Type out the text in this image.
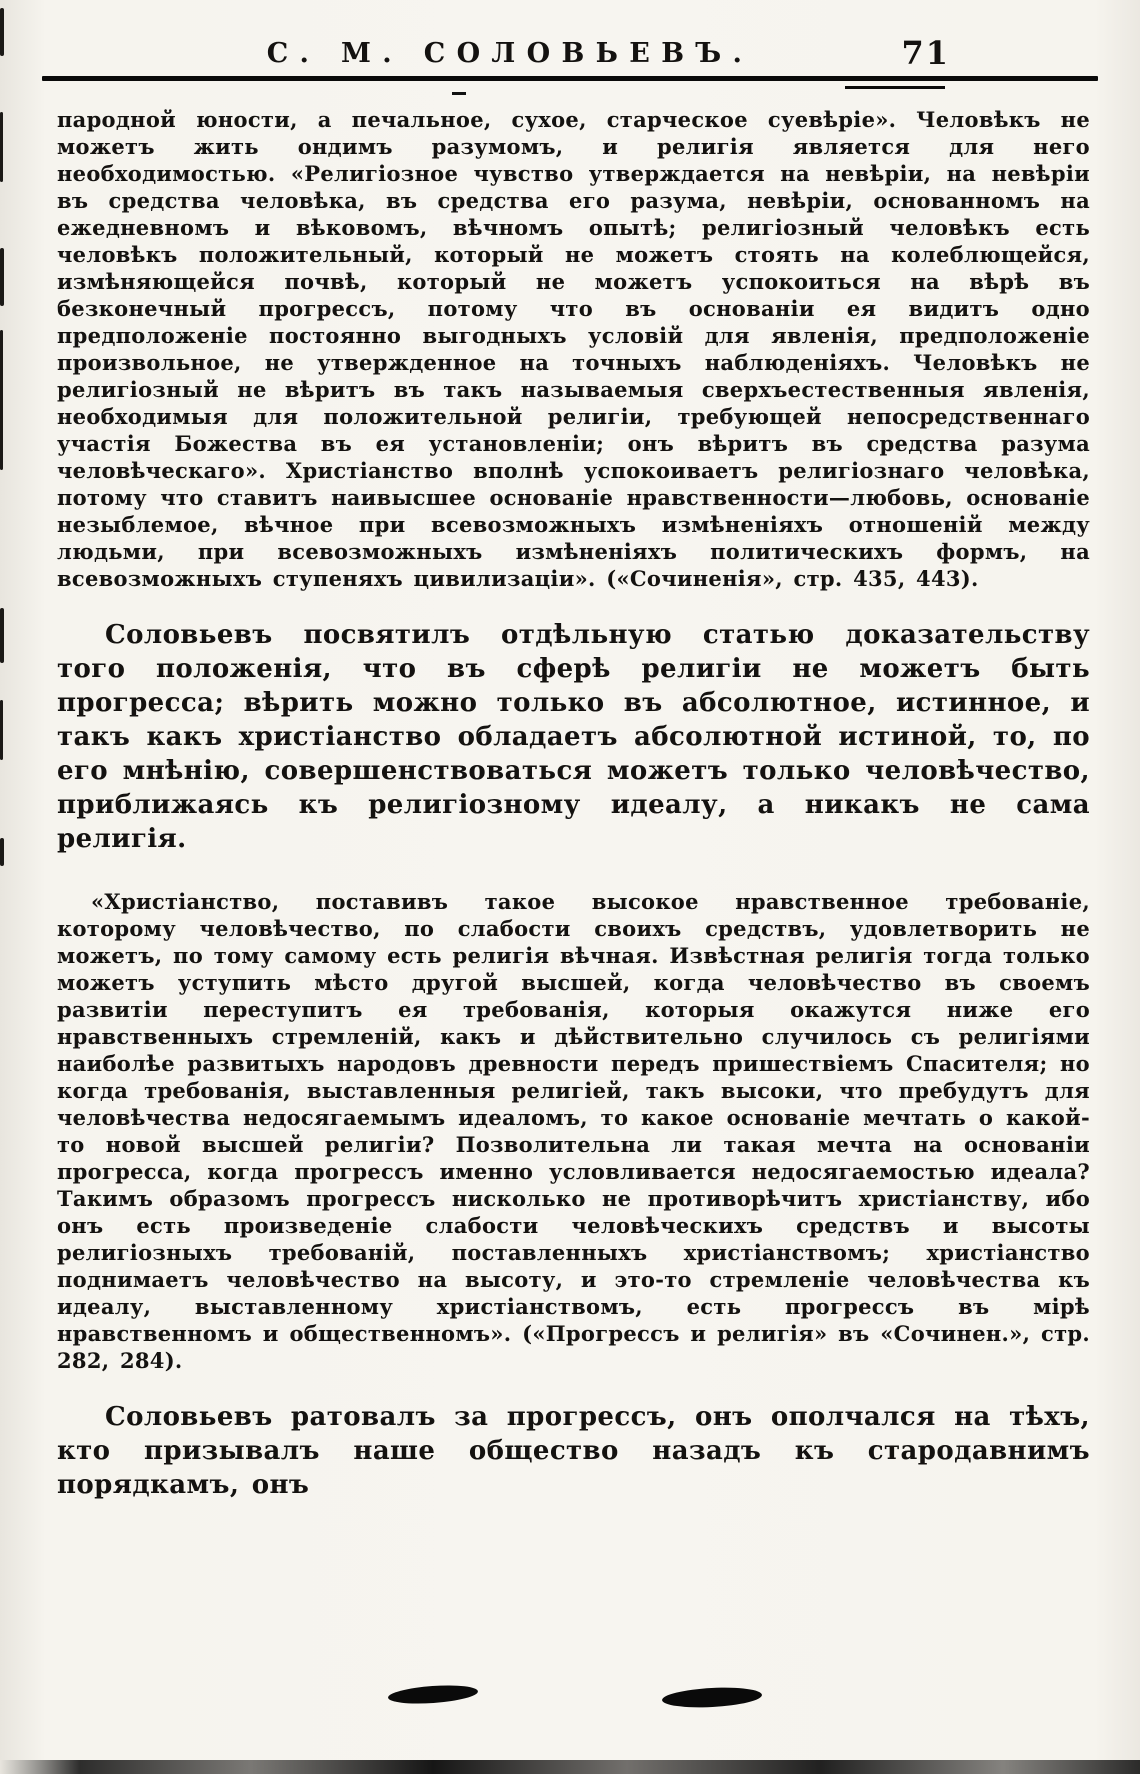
С. М. СОЛОВЬЕВЪ.	71

пародной юности, а печальное, сухое, старческое суевѣріе». Человѣкъ не можетъ жить ондимъ разумомъ, и религія является для него необходимостью. «Религіозное чувство утверждается на невѣріи, на невѣріи въ средства человѣка, въ средства его разума, невѣріи, основанномъ на ежедневномъ и вѣковомъ, вѣчномъ опытѣ; религіозный человѣкъ есть человѣкъ положительный, который не можетъ стоять на колеблющейся, измѣняющейся почвѣ, который не можетъ успокоиться на вѣрѣ въ безконечный прогрессъ, потому что въ основаніи ея видитъ одно предположеніе постоянно выгодныхъ условій для явленія, предположеніе произвольное, не утвержденное на точныхъ наблюденіяхъ. Человѣкъ не религіозный не вѣритъ въ такъ называемыя сверхъестественныя явленія, необходимыя для положительной религіи, требующей непосредственнаго участія Божества въ ея установленіи; онъ вѣритъ въ средства разума человѣческаго». Христіанство вполнѣ успокоиваетъ религіознаго человѣка, потому что ставитъ наивысшее основаніе нравственности—любовь, основаніе незыблемое, вѣчное при всевозможныхъ измѣненіяхъ отношеній между людьми, при всевозможныхъ измѣненіяхъ политическихъ формъ, на всевозможныхъ ступеняхъ цивилизаціи». («Сочиненія», стр. 435, 443).

Соловьевъ посвятилъ отдѣльную статью доказательству того положенія, что въ сферѣ религіи не можетъ быть прогресса; вѣрить можно только въ абсолютное, истинное, и такъ какъ христіанство обладаетъ абсолютной истиной, то, по его мнѣнію, совершенствоваться можетъ только человѣчество, приближаясь къ религіозному идеалу, а никакъ не сама религія.

«Христіанство, поставивъ такое высокое нравственное требованіе, которому человѣчество, по слабости своихъ средствъ, удовлетворить не можетъ, по тому самому есть религія вѣчная. Извѣстная религія тогда только можетъ уступить мѣсто другой высшей, когда человѣчество въ своемъ развитіи переступитъ ея требованія, которыя окажутся ниже его нравственныхъ стремленій, какъ и дѣйствительно случилось съ религіями наиболѣе развитыхъ народовъ древности передъ пришествіемъ Спасителя; но когда требованія, выставленныя религіей, такъ высоки, что пребудутъ для человѣчества недосягаемымъ идеаломъ, то какое основаніе мечтать о какой-то новой высшей религіи? Позволительна ли такая мечта на основаніи прогресса, когда прогрессъ именно условливается недосягаемостью идеала? Такимъ образомъ прогрессъ нисколько не противорѣчитъ христіанству, ибо онъ есть произведеніе слабости человѣческихъ средствъ и высоты религіозныхъ требованій, поставленныхъ христіанствомъ; христіанство поднимаетъ человѣчество на высоту, и это-то стремленіе человѣчества къ идеалу, выставленному христіанствомъ, есть прогрессъ въ мірѣ нравственномъ и общественномъ». («Прогрессъ и религія» въ «Сочинен.», стр. 282, 284).

Соловьевъ ратовалъ за прогрессъ, онъ ополчался на тѣхъ, кто призывалъ наше общество назадъ къ стародавнимъ порядкамъ, онъ
